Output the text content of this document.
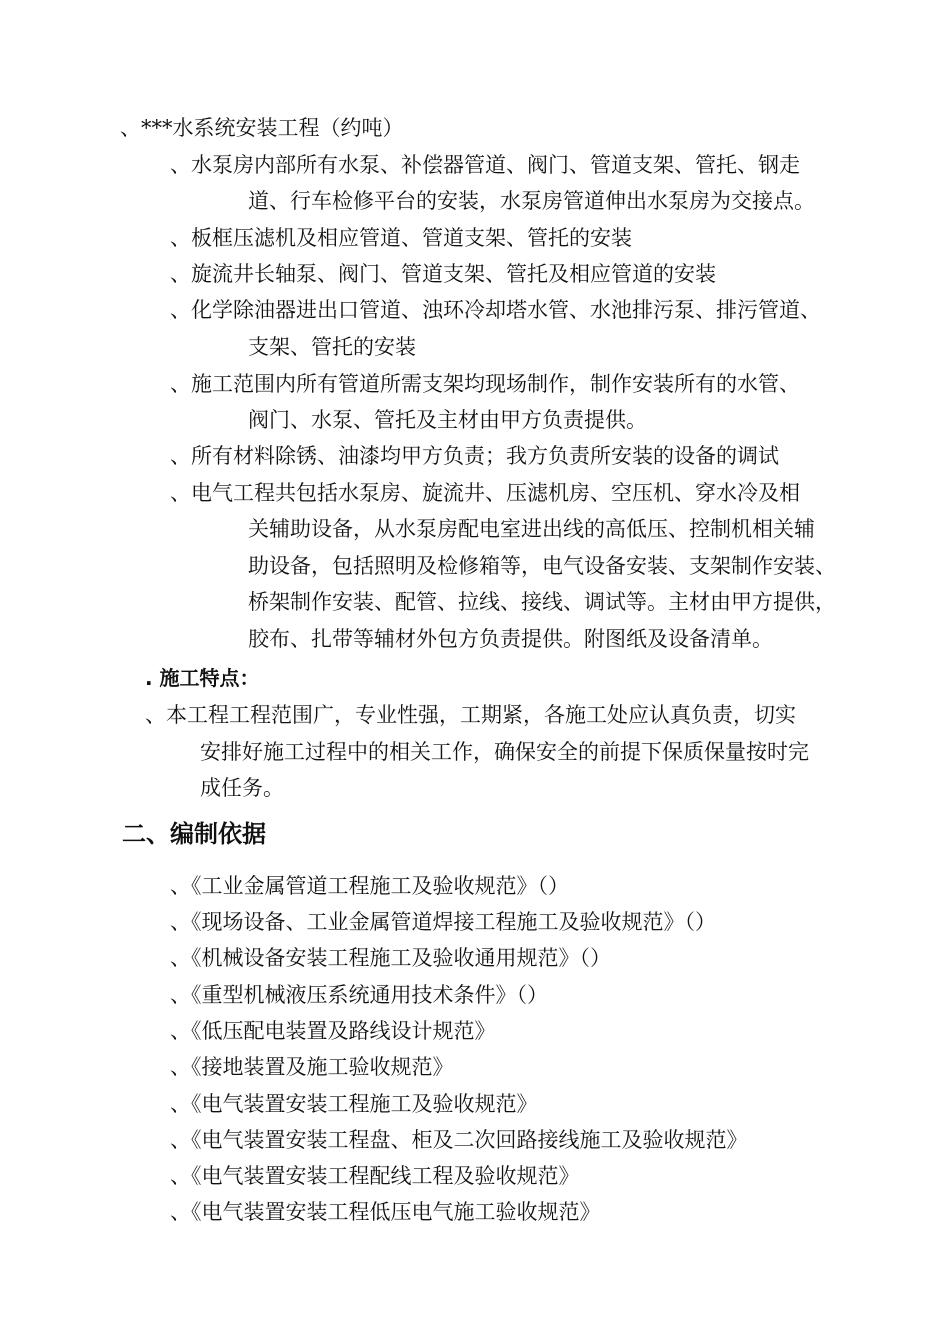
、***水系统安装工程（约吨）
、水泵房内部所有水泵、补偿器管道、阀门、管道支架、管托、钢走
道、行车检修平台的安装，水泵房管道伸出水泵房为交接点。
、板框压滤机及相应管道、管道支架、管托的安装
、旋流井长轴泵、阀门、管道支架、管托及相应管道的安装
、化学除油器进出口管道、浊环冷却塔水管、水池排污泵、排污管道、
支架、管托的安装
、施工范围内所有管道所需支架均现场制作，制作安装所有的水管、
阀门、水泵、管托及主材由甲方负责提供。
、所有材料除锈、油漆均甲方负责；我方负责所安装的设备的调试
、电气工程共包括水泵房、旋流井、压滤机房、空压机、穿水冷及相
关辅助设备，从水泵房配电室进出线的高低压、控制机相关辅
助设备，包括照明及检修箱等，电气设备安装、支架制作安装、
桥架制作安装、配管、拉线、接线、调试等。主材由甲方提供，
胶布、扎带等辅材外包方负责提供。附图纸及设备清单。
. 施工特点：
、本工程工程范围广，专业性强，工期紧，各施工处应认真负责，切实
安排好施工过程中的相关工作，确保安全的前提下保质保量按时完
成任务。
二、编制依据
、《工业金属管道工程施工及验收规范》（）
、《现场设备、工业金属管道焊接工程施工及验收规范》（）
、《机械设备安装工程施工及验收通用规范》（）
、《重型机械液压系统通用技术条件》（）
、《低压配电装置及路线设计规范》
、《接地装置及施工验收规范》
、《电气装置安装工程施工及验收规范》
、《电气装置安装工程盘、柜及二次回路接线施工及验收规范》
、《电气装置安装工程配线工程及验收规范》
、《电气装置安装工程低压电气施工验收规范》
